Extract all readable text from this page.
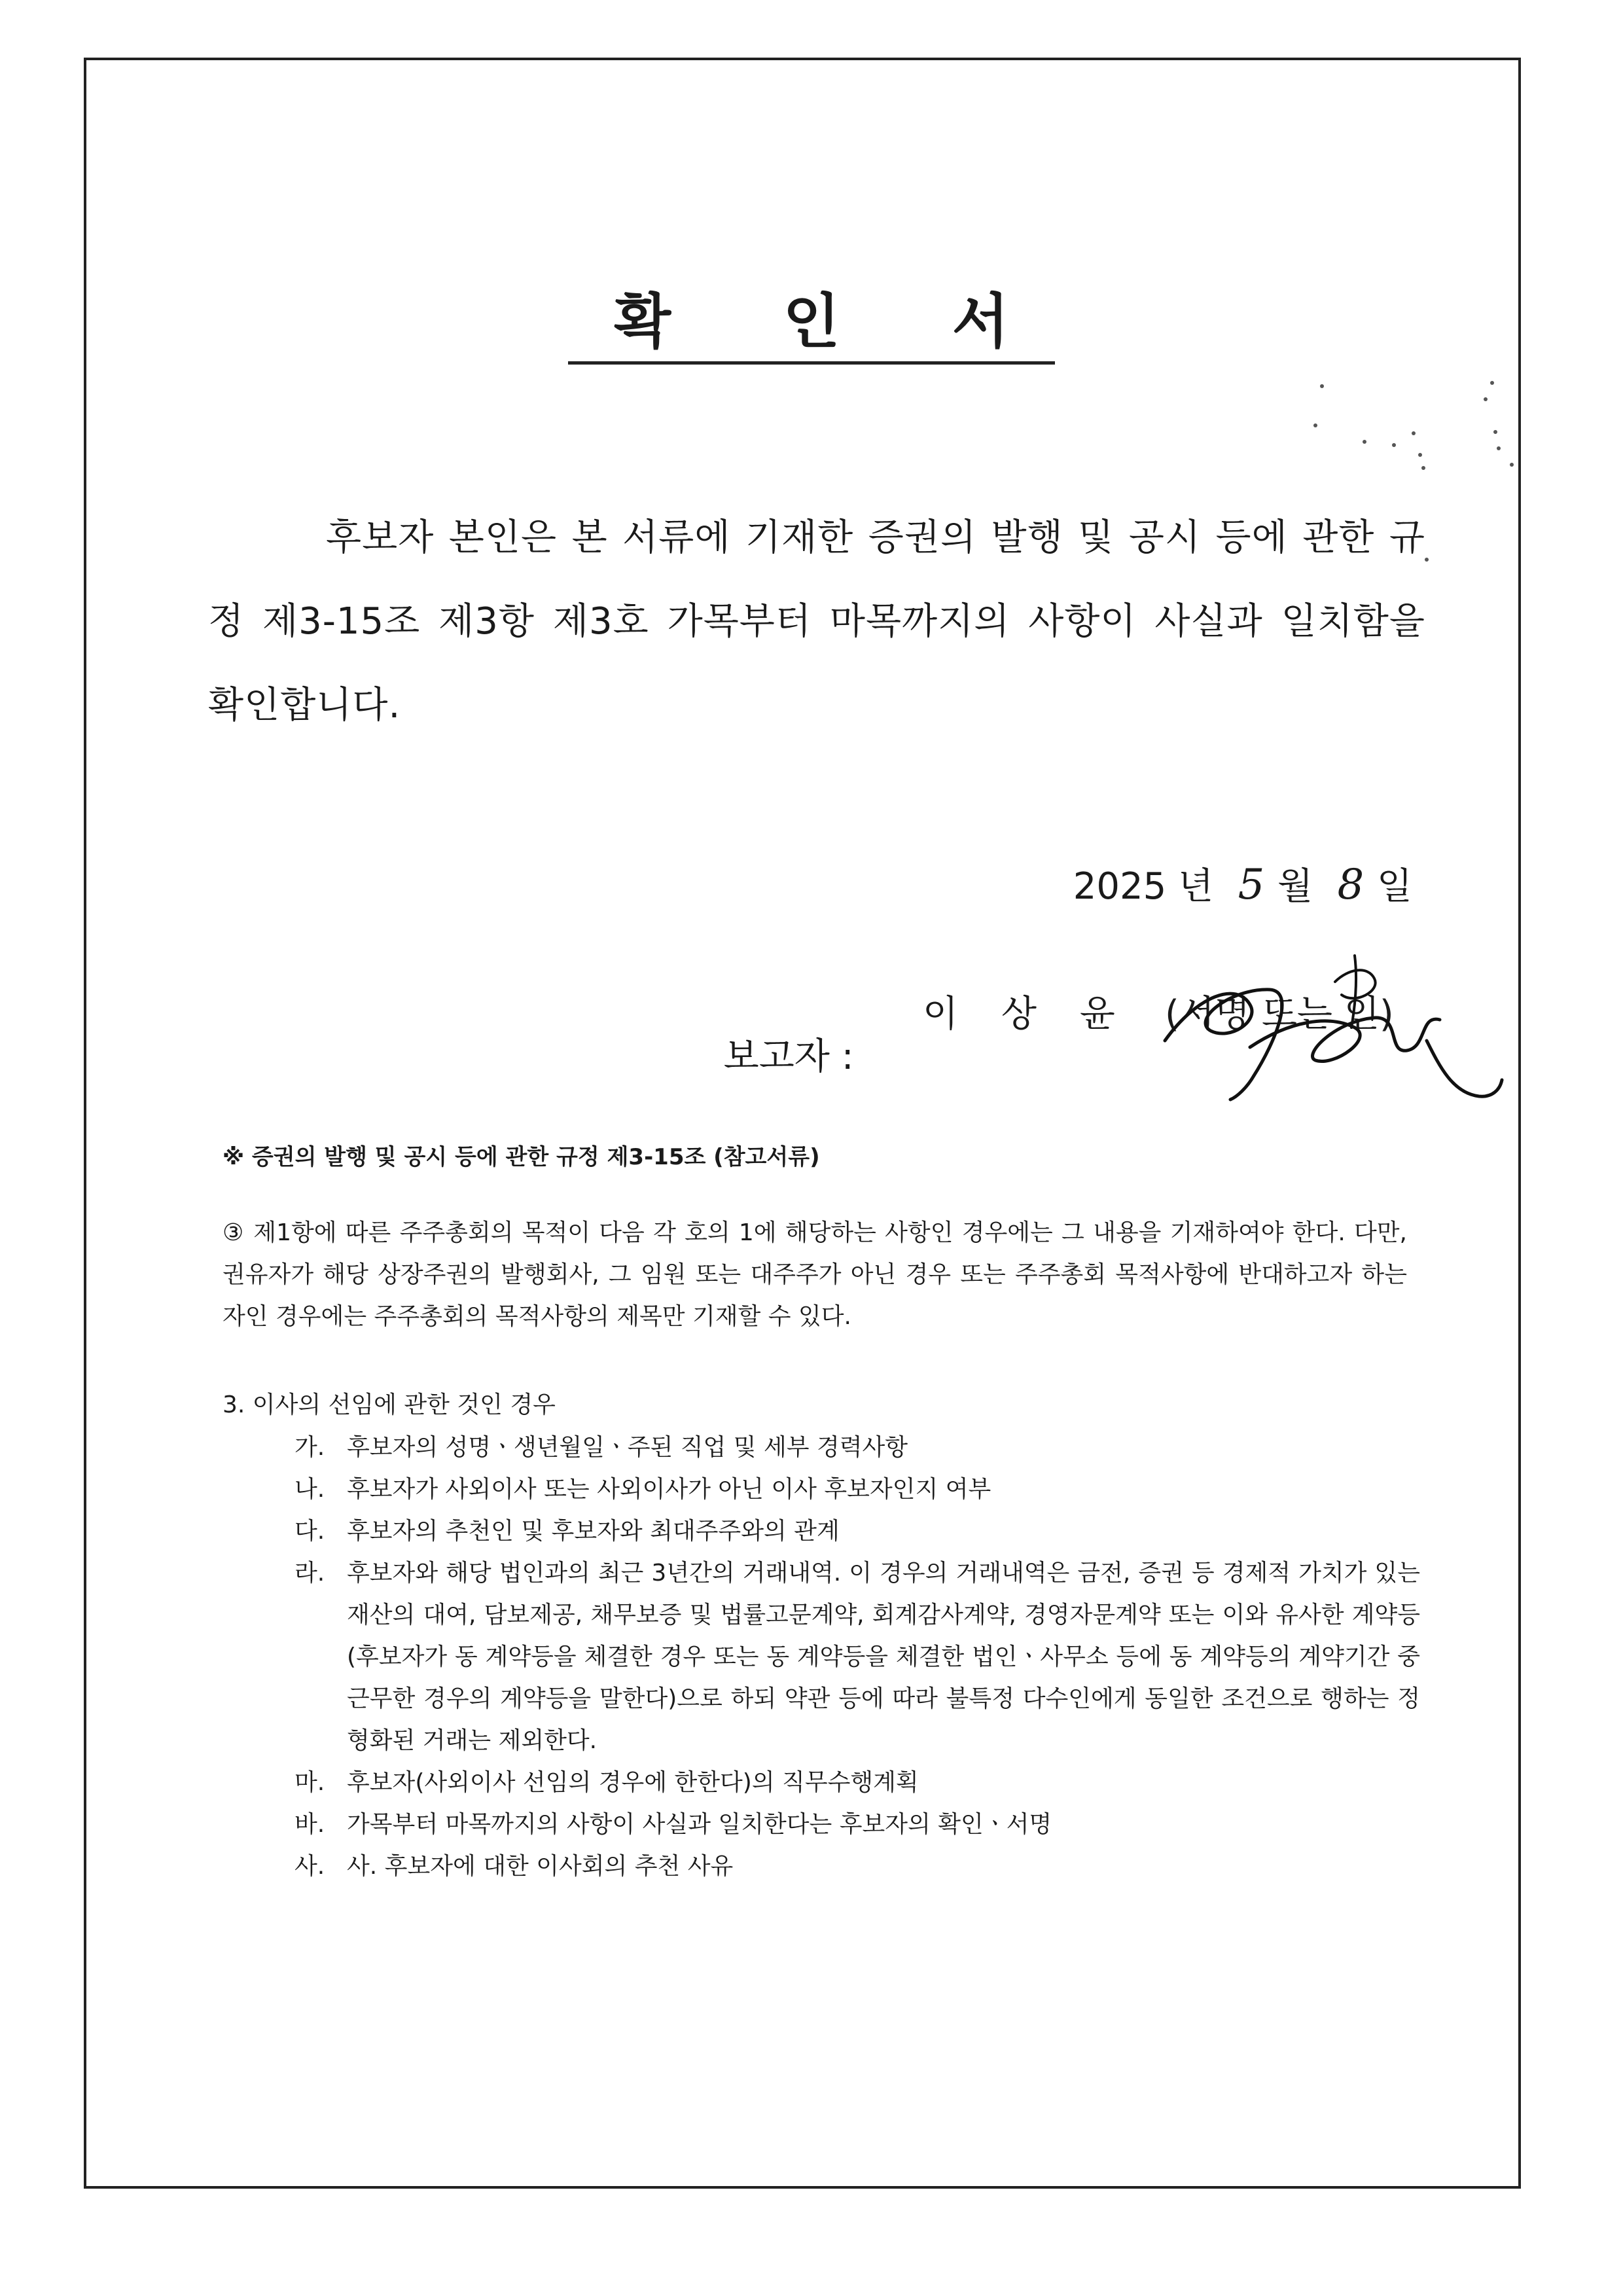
확 인 서
후보자 본인은 본 서류에 기재한 증권의 발행 및 공시 등에 관한 규정 제3-15조 제3항 제3호 가목부터 마목까지의 사항이 사실과 일치함을 확인합니다.
2025 년 5 월 8 일

보고자 :

이 상 윤

(서명 또는 인)

※ 증권의 발행 및 공시 등에 관한 규정 제3-15조 (참고서류)
③ 제1항에 따른 주주총회의 목적이 다음 각 호의 1에 해당하는 사항인 경우에는 그 내용을 기재하여야 한다. 다만, 권유자가 해당 상장주권의 발행회사, 그 임원 또는 대주주가 아닌 경우 또는 주주총회 목적사항에 반대하고자 하는 자인 경우에는 주주총회의 목적사항의 제목만 기재할 수 있다.
3. 이사의 선임에 관한 것인 경우
가. 후보자의 성명ㆍ생년월일ㆍ주된 직업 및 세부 경력사항
나. 후보자가 사외이사 또는 사외이사가 아닌 이사 후보자인지 여부
다. 후보자의 추천인 및 후보자와 최대주주와의 관계
라. 후보자와 해당 법인과의 최근 3년간의 거래내역. 이 경우의 거래내역은 금전, 증권 등 경제적 가치가 있는 재산의 대여, 담보제공, 채무보증 및 법률고문계약, 회계감사계약, 경영자문계약 또는 이와 유사한 계약등(후보자가 동 계약등을 체결한 경우 또는 동 계약등을 체결한 법인ㆍ사무소 등에 동 계약등의 계약기간 중 근무한 경우의 계약등을 말한다)으로 하되 약관 등에 따라 불특정 다수인에게 동일한 조건으로 행하는 정형화된 거래는 제외한다.
마. 후보자(사외이사 선임의 경우에 한한다)의 직무수행계획
바. 가목부터 마목까지의 사항이 사실과 일치한다는 후보자의 확인ㆍ서명
사. 사. 후보자에 대한 이사회의 추천 사유
